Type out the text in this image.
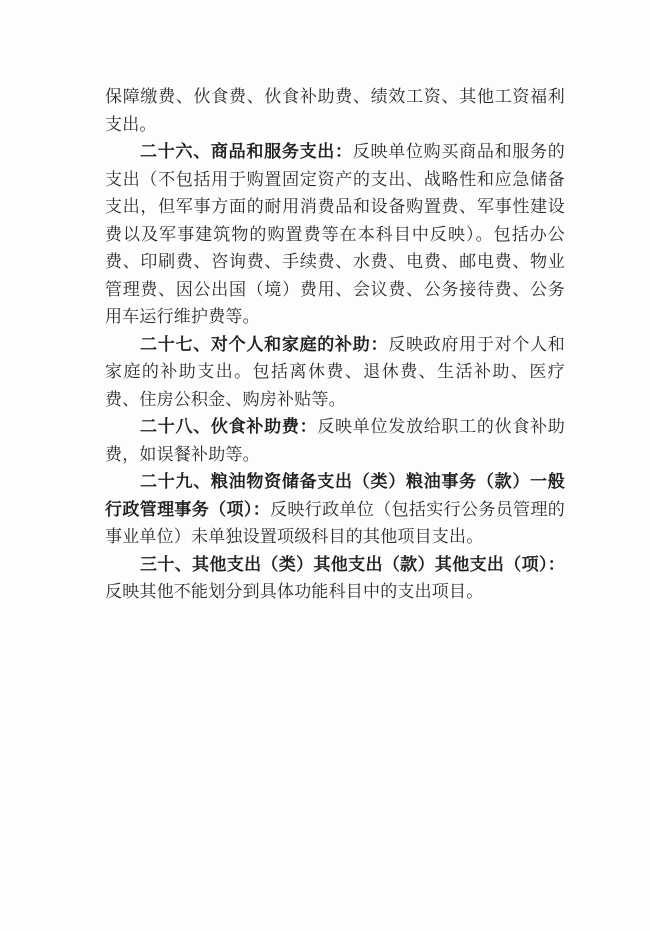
保障缴费、伙食费、伙食补助费、绩效工资、其他工资福利支出。

二十六、商品和服务支出：反映单位购买商品和服务的支出（不包括用于购置固定资产的支出、战略性和应急储备支出，但军事方面的耐用消费品和设备购置费、军事性建设费以及军事建筑物的购置费等在本科目中反映）。包括办公费、印刷费、咨询费、手续费、水费、电费、邮电费、物业管理费、因公出国（境）费用、会议费、公务接待费、公务用车运行维护费等。

二十七、对个人和家庭的补助：反映政府用于对个人和家庭的补助支出。包括离休费、退休费、生活补助、医疗费、住房公积金、购房补贴等。

二十八、伙食补助费：反映单位发放给职工的伙食补助费，如误餐补助等。

二十九、粮油物资储备支出（类）粮油事务（款）一般行政管理事务（项）：反映行政单位（包括实行公务员管理的事业单位）未单独设置项级科目的其他项目支出。

三十、其他支出（类）其他支出（款）其他支出（项）：反映其他不能划分到具体功能科目中的支出项目。
